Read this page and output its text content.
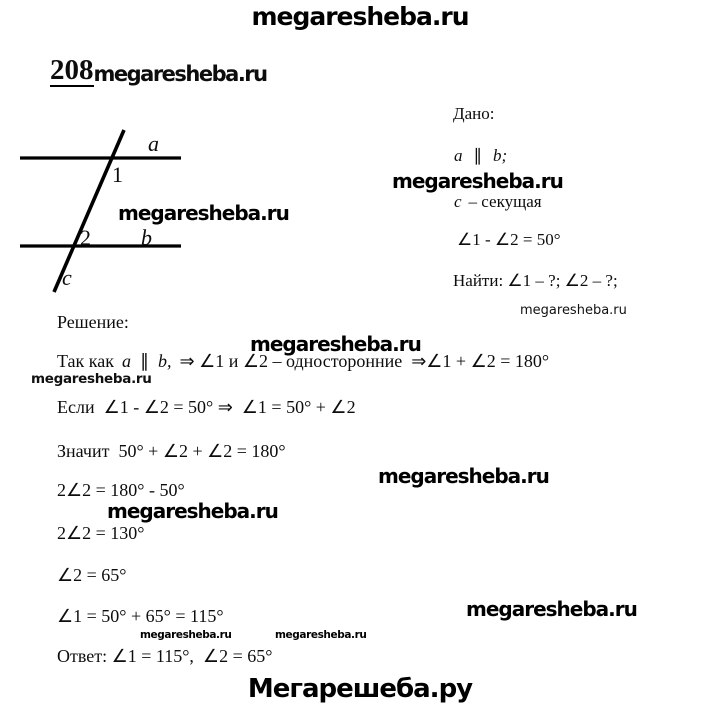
megaresheba.ru
208 megaresheba.ru
a
1
2 b
c
megaresheba.ru
Дано:
a ∥ b;
megaresheba.ru
c – секущая
∠1 - ∠2 = 50°
Найти: ∠1 – ?; ∠2 – ?;
megaresheba.ru
Решение:
megaresheba.ru
Так как a ∥ b, ⇒ ∠1 и ∠2 – односторонние  ⇒∠1 + ∠2 = 180°
megaresheba.ru
Если  ∠1 - ∠2 = 50° ⇒  ∠1 = 50° + ∠2
Значит  50° + ∠2 + ∠2 = 180°
megaresheba.ru
2∠2 = 180° - 50°
megaresheba.ru
2∠2 = 130°
∠2 = 65°
∠1 = 50° + 65° = 115°	megaresheba.ru
megaresheba.ru	megaresheba.ru
Ответ: ∠1 = 115°,  ∠2 = 65°
Мегарешеба.ру
